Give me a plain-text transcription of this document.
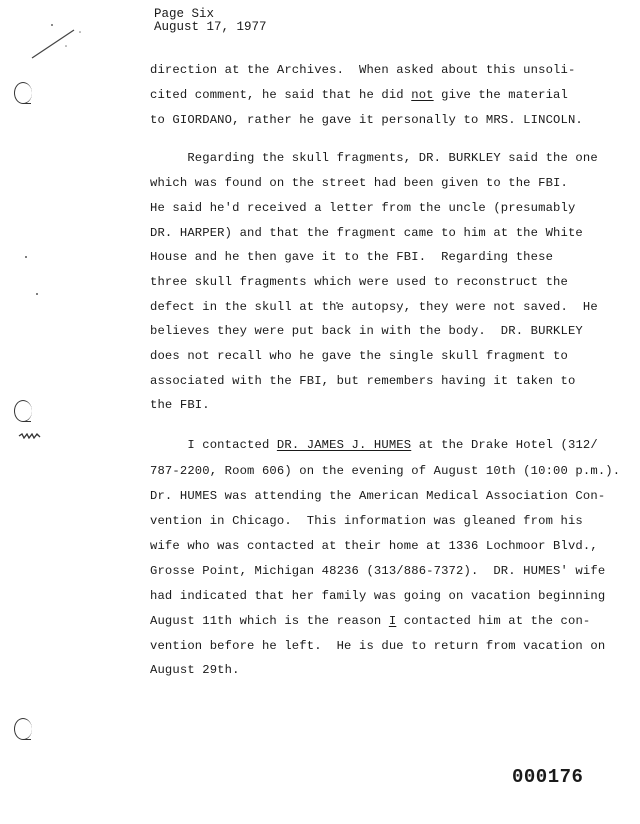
Page Six
August 17, 1977
direction at the Archives.  When asked about this unsoli-
cited comment, he said that he did not give the material
to GIORDANO, rather he gave it personally to MRS. LINCOLN.
Regarding the skull fragments, DR. BURKLEY said the one
which was found on the street had been given to the FBI.
He said he'd received a letter from the uncle (presumably
DR. HARPER) and that the fragment came to him at the White
House and he then gave it to the FBI.  Regarding these
three skull fragments which were used to reconstruct the
defect in the skull at the autopsy, they were not saved.  He
believes they were put back in with the body.  DR. BURKLEY
does not recall who he gave the single skull fragment to
associated with the FBI, but remembers having it taken to
the FBI.
I contacted DR. JAMES J. HUMES at the Drake Hotel (312/
787-2200, Room 606) on the evening of August 10th (10:00 p.m.).
Dr. HUMES was attending the American Medical Association Con-
vention in Chicago.  This information was gleaned from his
wife who was contacted at their home at 1336 Lochmoor Blvd.,
Grosse Point, Michigan 48236 (313/886-7372).  DR. HUMES' wife
had indicated that her family was going on vacation beginning
August 11th which is the reason I contacted him at the con-
vention before he left.  He is due to return from vacation on
August 29th.
000176
